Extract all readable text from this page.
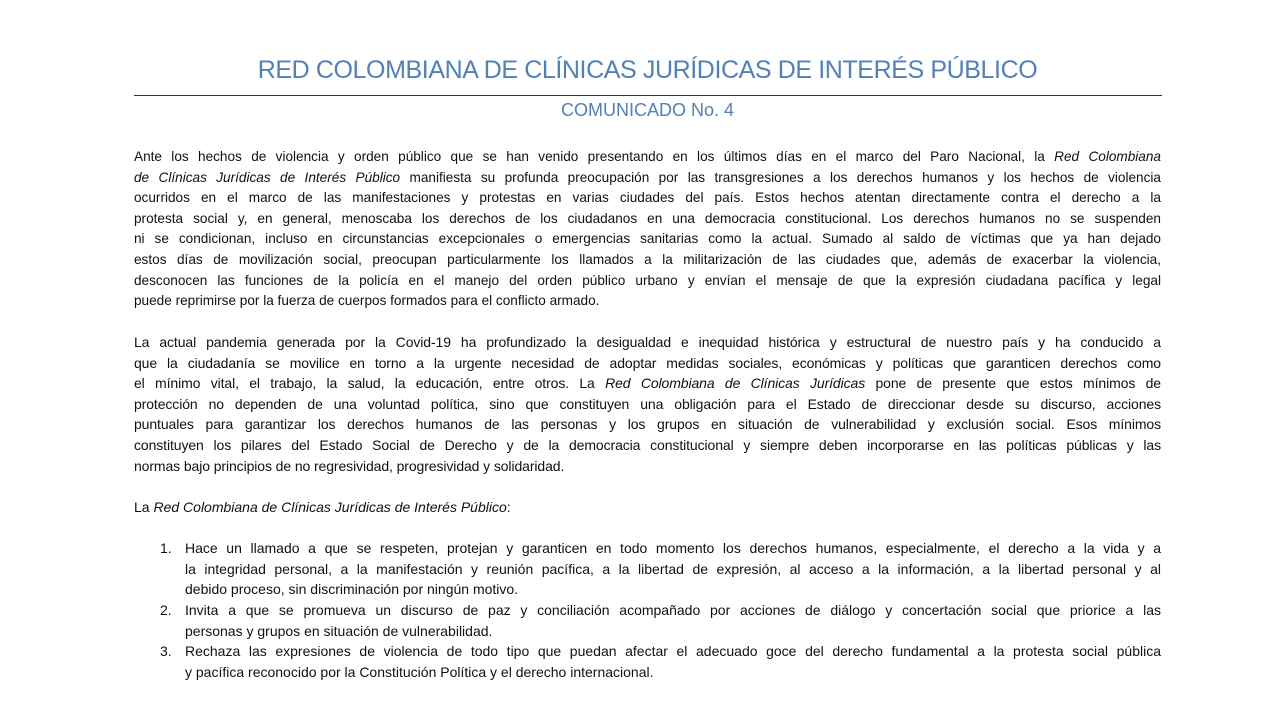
RED COLOMBIANA DE CLÍNICAS JURÍDICAS DE INTERÉS PÚBLICO
COMUNICADO No. 4
Ante los hechos de violencia y orden público que se han venido presentando en los últimos días en el marco del Paro Nacional, la Red Colombiana
de Clínicas Jurídicas de Interés Público manifiesta su profunda preocupación por las transgresiones a los derechos humanos y los hechos de violencia
ocurridos en el marco de las manifestaciones y protestas en varias ciudades del país. Estos hechos atentan directamente contra el derecho a la
protesta social y, en general, menoscaba los derechos de los ciudadanos en una democracia constitucional. Los derechos humanos no se suspenden
ni se condicionan, incluso en circunstancias excepcionales o emergencias sanitarias como la actual. Sumado al saldo de víctimas que ya han dejado
estos días de movilización social, preocupan particularmente los llamados a la militarización de las ciudades que, además de exacerbar la violencia,
desconocen las funciones de la policía en el manejo del orden público urbano y envían el mensaje de que la expresión ciudadana pacífica y legal
puede reprimirse por la fuerza de cuerpos formados para el conflicto armado.
La actual pandemia generada por la Covid-19 ha profundizado la desigualdad e inequidad histórica y estructural de nuestro país y ha conducido a
que la ciudadanía se movilice en torno a la urgente necesidad de adoptar medidas sociales, económicas y políticas que garanticen derechos como
el mínimo vital, el trabajo, la salud, la educación, entre otros. La Red Colombiana de Clínicas Jurídicas pone de presente que estos mínimos de
protección no dependen de una voluntad política, sino que constituyen una obligación para el Estado de direccionar desde su discurso, acciones
puntuales para garantizar los derechos humanos de las personas y los grupos en situación de vulnerabilidad y exclusión social. Esos mínimos
constituyen los pilares del Estado Social de Derecho y de la democracia constitucional y siempre deben incorporarse en las políticas públicas y las
normas bajo principios de no regresividad, progresividad y solidaridad.
La Red Colombiana de Clínicas Jurídicas de Interés Público:
1. Hace un llamado a que se respeten, protejan y garanticen en todo momento los derechos humanos, especialmente, el derecho a la vida y a
la integridad personal, a la manifestación y reunión pacífica, a la libertad de expresión, al acceso a la información, a la libertad personal y al
debido proceso, sin discriminación por ningún motivo.
2. Invita a que se promueva un discurso de paz y conciliación acompañado por acciones de diálogo y concertación social que priorice a las
personas y grupos en situación de vulnerabilidad.
3. Rechaza las expresiones de violencia de todo tipo que puedan afectar el adecuado goce del derecho fundamental a la protesta social pública
y pacífica reconocido por la Constitución Política y el derecho internacional.
